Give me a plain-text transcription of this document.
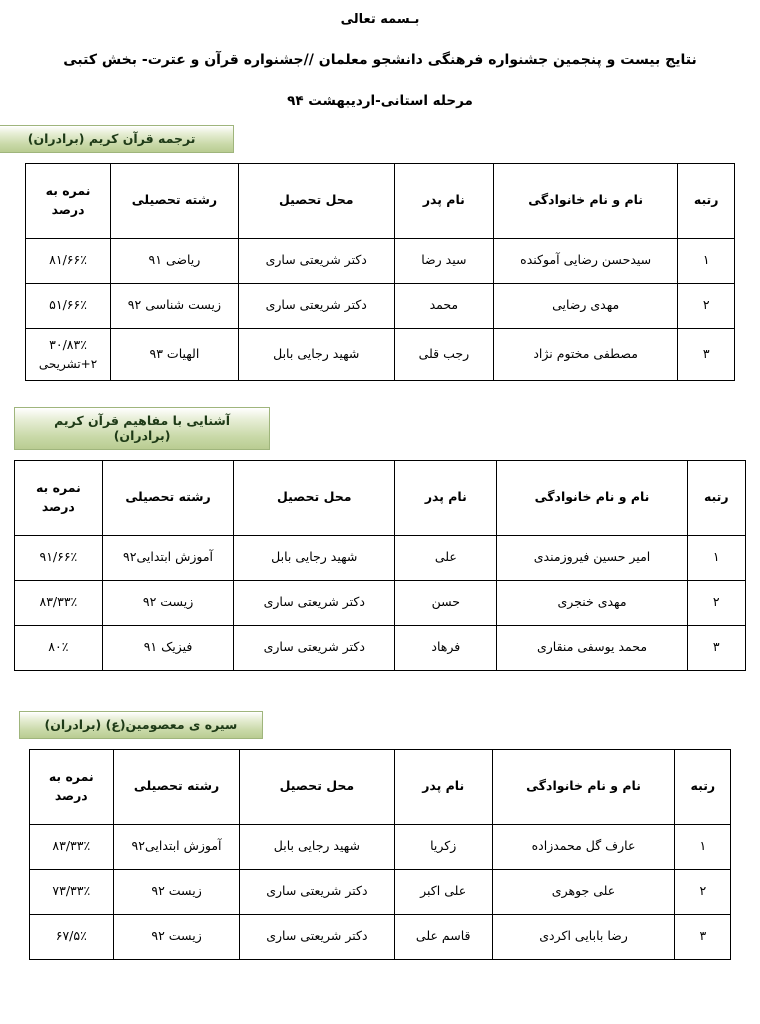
بـسمه تعالی

نتایج بیست و پنجمین جشنواره فرهنگی دانشجو معلمان //جشنواره قرآن و عترت- بخش کتبی

مرحله استانی-اردیبهشت ۹۴

ترجمه قرآن کریم (برادران)
رتبه	نام و نام خانوادگی	نام پدر	محل تحصیل	رشته تحصیلی	نمره به درصد
۱	سیدحسن رضایی آموکنده	سید رضا	دکتر شریعتی ساری	ریاضی ۹۱	۸۱/۶۶٪

۲	مهدی رضایی	محمد	دکتر شریعتی ساری	زیست شناسی ۹۲	۵۱/۶۶٪

۳	مصطفی مختوم نژاد	رجب قلی	شهید رجایی بابل	الهیات ۹۳	۳۰/۸۳٪
۲+تشریحی
آشنایی با مفاهیم قرآن کریم (برادران)
رتبه	نام و نام خانوادگی	نام پدر	محل تحصیل	رشته تحصیلی	نمره به درصد
۱	امیر حسین فیروزمندی	علی	شهید رجایی بابل	آموزش ابتدایی۹۲	۹۱/۶۶٪
۲	مهدی خنجری	حسن	دکتر شریعتی ساری	زیست ۹۲	۸۳/۳۳٪
۳	محمد یوسفی منقاری	فرهاد	دکتر شریعتی ساری	فیزیک ۹۱	۸۰٪
سیره ی معصومین(ع) (برادران)
رتبه	نام و نام خانوادگی	نام پدر	محل تحصیل	رشته تحصیلی	نمره به درصد
۱	عارف گل محمدزاده	زکریا	شهید رجایی بابل	آموزش ابتدایی۹۲	۸۳/۳۳٪
۲	علی جوهری	علی اکبر	دکتر شریعتی ساری	زیست ۹۲	۷۳/۳۳٪
۳	رضا بابایی اکردی	قاسم علی	دکتر شریعتی ساری	زیست ۹۲	۶۷/۵٪
